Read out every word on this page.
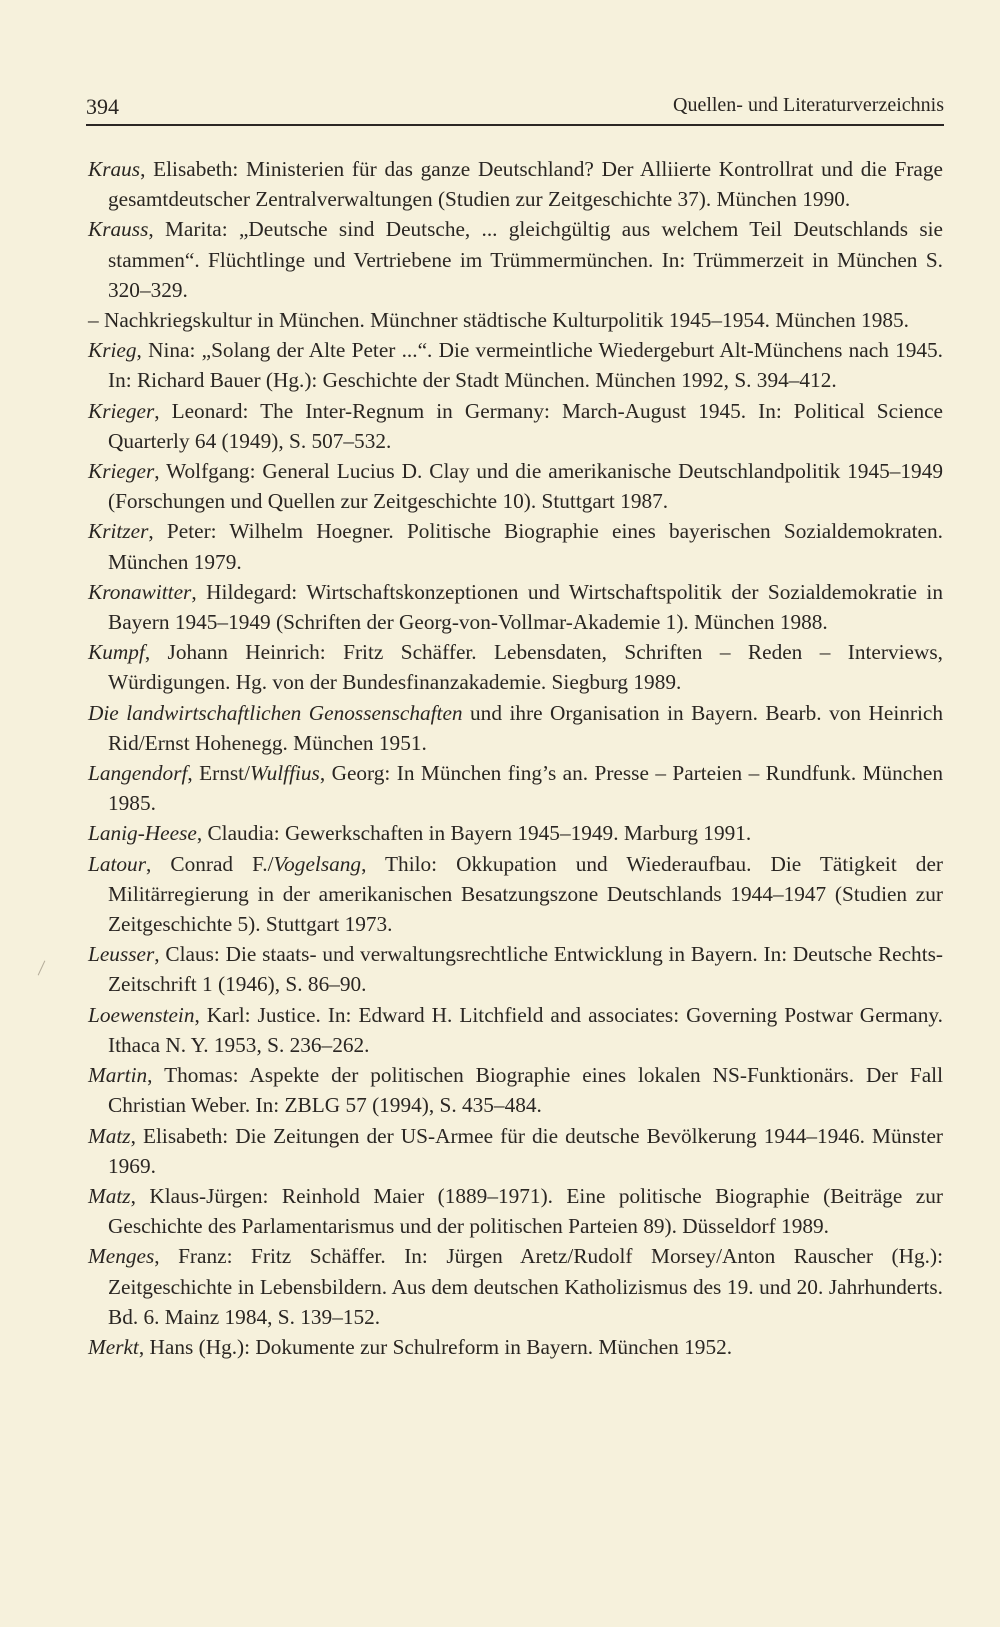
394	Quellen- und Literaturverzeichnis

Kraus, Elisabeth: Ministerien für das ganze Deutschland? Der Alliierte Kontrollrat und die Frage gesamtdeutscher Zentralverwaltungen (Studien zur Zeitgeschichte 37). München 1990.

Krauss, Marita: „Deutsche sind Deutsche, ... gleichgültig aus welchem Teil Deutschlands sie stammen“. Flüchtlinge und Vertriebene im Trümmermünchen. In: Trümmerzeit in München S. 320–329.

– Nachkriegskultur in München. Münchner städtische Kulturpolitik 1945–1954. München 1985.

Krieg, Nina: „Solang der Alte Peter ...“. Die vermeintliche Wiedergeburt Alt-Münchens nach 1945. In: Richard Bauer (Hg.): Geschichte der Stadt München. München 1992, S. 394–412.

Krieger, Leonard: The Inter-Regnum in Germany: March-August 1945. In: Political Science Quarterly 64 (1949), S. 507–532.

Krieger, Wolfgang: General Lucius D. Clay und die amerikanische Deutschlandpolitik 1945–1949 (Forschungen und Quellen zur Zeitgeschichte 10). Stuttgart 1987.

Kritzer, Peter: Wilhelm Hoegner. Politische Biographie eines bayerischen Sozialdemokraten. München 1979.

Kronawitter, Hildegard: Wirtschaftskonzeptionen und Wirtschaftspolitik der Sozialdemokratie in Bayern 1945–1949 (Schriften der Georg-von-Vollmar-Akademie 1). München 1988.

Kumpf, Johann Heinrich: Fritz Schäffer. Lebensdaten, Schriften – Reden – Interviews, Würdigungen. Hg. von der Bundesfinanzakademie. Siegburg 1989.

Die landwirtschaftlichen Genossenschaften und ihre Organisation in Bayern. Bearb. von Heinrich Rid/Ernst Hohenegg. München 1951.

Langendorf, Ernst/Wulffius, Georg: In München fing’s an. Presse – Parteien – Rundfunk. München 1985.

Lanig-Heese, Claudia: Gewerkschaften in Bayern 1945–1949. Marburg 1991.

Latour, Conrad F./Vogelsang, Thilo: Okkupation und Wiederaufbau. Die Tätigkeit der Militärregierung in der amerikanischen Besatzungszone Deutschlands 1944–1947 (Studien zur Zeitgeschichte 5). Stuttgart 1973.

Leusser, Claus: Die staats- und verwaltungsrechtliche Entwicklung in Bayern. In: Deutsche Rechts-Zeitschrift 1 (1946), S. 86–90.

Loewenstein, Karl: Justice. In: Edward H. Litchfield and associates: Governing Postwar Germany. Ithaca N. Y. 1953, S. 236–262.

Martin, Thomas: Aspekte der politischen Biographie eines lokalen NS-Funktionärs. Der Fall Christian Weber. In: ZBLG 57 (1994), S. 435–484.

Matz, Elisabeth: Die Zeitungen der US-Armee für die deutsche Bevölkerung 1944–1946. Münster 1969.

Matz, Klaus-Jürgen: Reinhold Maier (1889–1971). Eine politische Biographie (Beiträge zur Geschichte des Parlamentarismus und der politischen Parteien 89). Düsseldorf 1989.

Menges, Franz: Fritz Schäffer. In: Jürgen Aretz/Rudolf Morsey/Anton Rauscher (Hg.): Zeitgeschichte in Lebensbildern. Aus dem deutschen Katholizismus des 19. und 20. Jahrhunderts. Bd. 6. Mainz 1984, S. 139–152.

Merkt, Hans (Hg.): Dokumente zur Schulreform in Bayern. München 1952.
